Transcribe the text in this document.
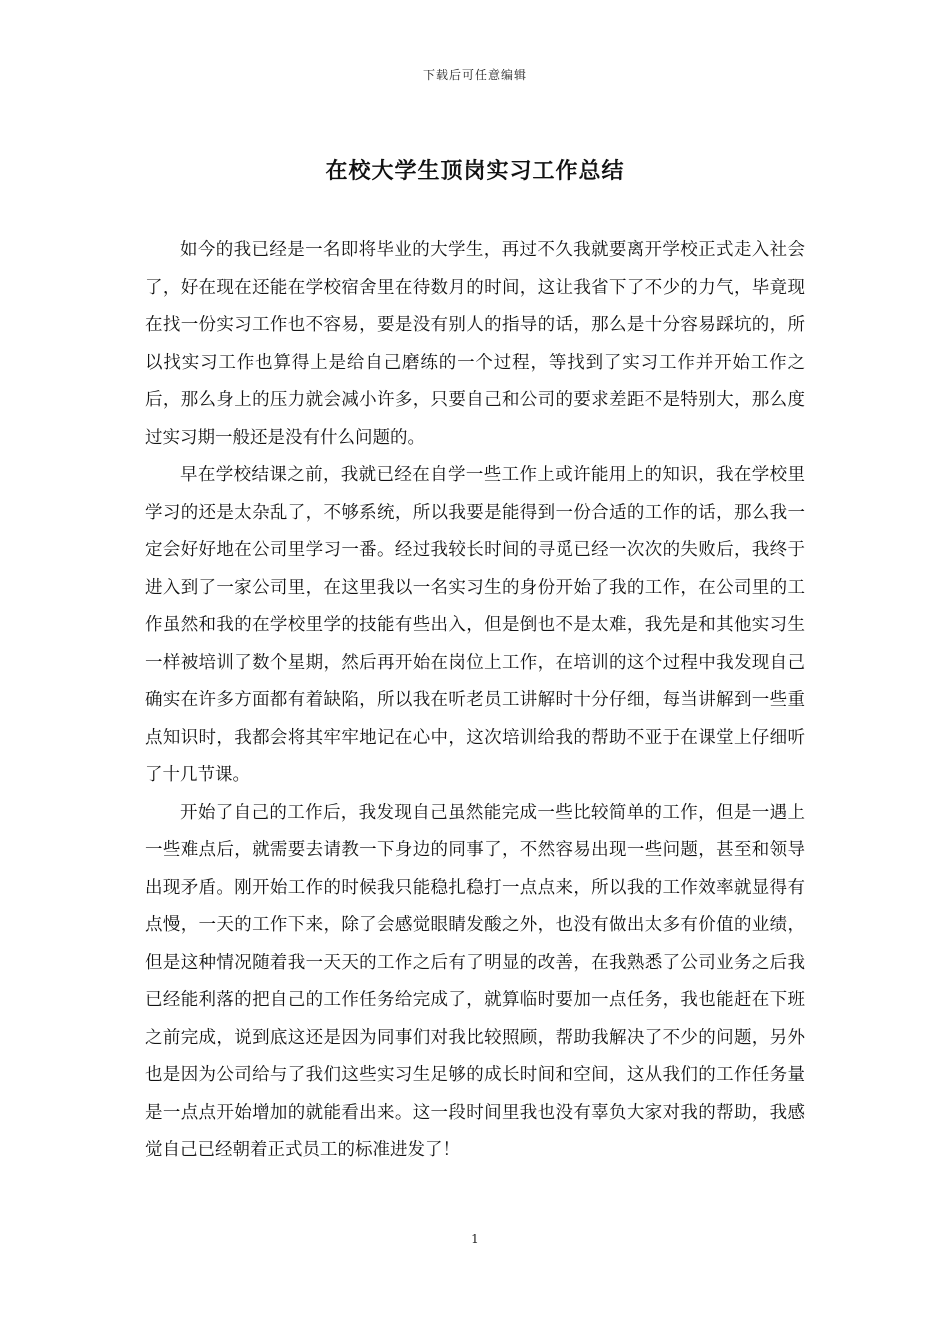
下载后可任意编辑
在校大学生顶岗实习工作总结

如今的我已经是一名即将毕业的大学生，再过不久我就要离开学校正式走入社会了，好在现在还能在学校宿舍里在待数月的时间，这让我省下了不少的力气，毕竟现在找一份实习工作也不容易，要是没有别人的指导的话，那么是十分容易踩坑的，所以找实习工作也算得上是给自己磨练的一个过程，等找到了实习工作并开始工作之后，那么身上的压力就会减小许多，只要自己和公司的要求差距不是特别大，那么度过实习期一般还是没有什么问题的。

早在学校结课之前，我就已经在自学一些工作上或许能用上的知识，我在学校里学习的还是太杂乱了，不够系统，所以我要是能得到一份合适的工作的话，那么我一定会好好地在公司里学习一番。经过我较长时间的寻觅已经一次次的失败后，我终于进入到了一家公司里，在这里我以一名实习生的身份开始了我的工作，在公司里的工作虽然和我的在学校里学的技能有些出入，但是倒也不是太难，我先是和其他实习生一样被培训了数个星期，然后再开始在岗位上工作，在培训的这个过程中我发现自己确实在许多方面都有着缺陷，所以我在听老员工讲解时十分仔细，每当讲解到一些重点知识时，我都会将其牢牢地记在心中，这次培训给我的帮助不亚于在课堂上仔细听了十几节课。

开始了自己的工作后，我发现自己虽然能完成一些比较简单的工作，但是一遇上一些难点后，就需要去请教一下身边的同事了，不然容易出现一些问题，甚至和领导出现矛盾。刚开始工作的时候我只能稳扎稳打一点点来，所以我的工作效率就显得有点慢，一天的工作下来，除了会感觉眼睛发酸之外，也没有做出太多有价值的业绩，但是这种情况随着我一天天的工作之后有了明显的改善，在我熟悉了公司业务之后我已经能利落的把自己的工作任务给完成了，就算临时要加一点任务，我也能赶在下班之前完成，说到底这还是因为同事们对我比较照顾，帮助我解决了不少的问题，另外也是因为公司给与了我们这些实习生足够的成长时间和空间，这从我们的工作任务量是一点点开始增加的就能看出来。这一段时间里我也没有辜负大家对我的帮助，我感觉自己已经朝着正式员工的标准进发了！

1
